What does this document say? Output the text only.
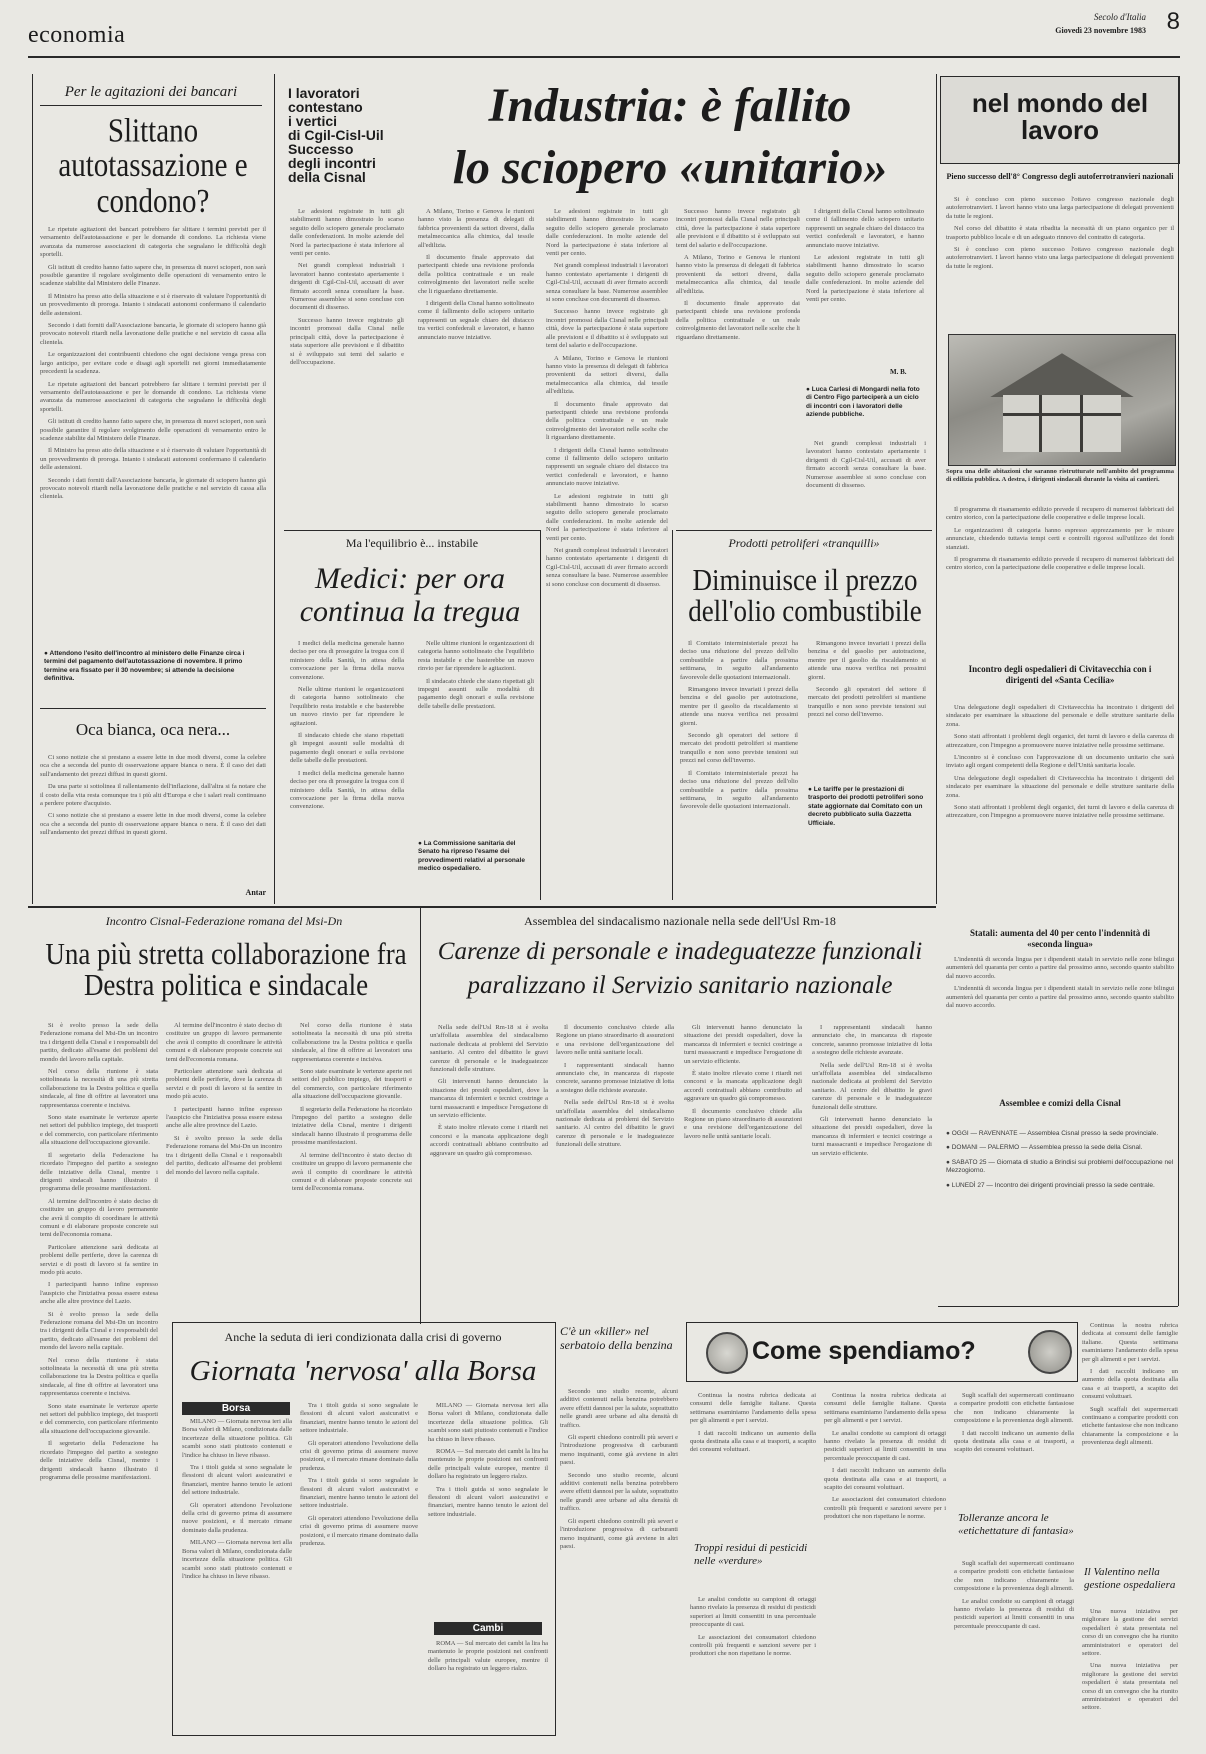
economia
Secolo d'Italia
Giovedì 23 novembre 1983 8
Per le agitazioni dei bancari
Slittano autotassazione e condono?

Le ripetute agitazioni dei bancari potrebbero far slittare i termini previsti per il versamento dell'autotassazione e per le domande di condono. La richiesta viene avanzata da numerose associazioni di categoria che segnalano le difficoltà degli sportelli.

Gli istituti di credito hanno fatto sapere che, in presenza di nuovi scioperi, non sarà possibile garantire il regolare svolgimento delle operazioni di versamento entro le scadenze stabilite dal Ministero delle Finanze.

Il Ministro ha preso atto della situazione e si è riservato di valutare l'opportunità di un provvedimento di proroga. Intanto i sindacati autonomi confermano il calendario delle astensioni.

Secondo i dati forniti dall'Associazione bancaria, le giornate di sciopero hanno già provocato notevoli ritardi nella lavorazione delle pratiche e nel servizio di cassa alla clientela.

Le organizzazioni dei contribuenti chiedono che ogni decisione venga presa con largo anticipo, per evitare code e disagi agli sportelli nei giorni immediatamente precedenti la scadenza.

Le ripetute agitazioni dei bancari potrebbero far slittare i termini previsti per il versamento dell'autotassazione e per le domande di condono. La richiesta viene avanzata da numerose associazioni di categoria che segnalano le difficoltà degli sportelli.

Gli istituti di credito hanno fatto sapere che, in presenza di nuovi scioperi, non sarà possibile garantire il regolare svolgimento delle operazioni di versamento entro le scadenze stabilite dal Ministero delle Finanze.

Il Ministro ha preso atto della situazione e si è riservato di valutare l'opportunità di un provvedimento di proroga. Intanto i sindacati autonomi confermano il calendario delle astensioni.

Secondo i dati forniti dall'Associazione bancaria, le giornate di sciopero hanno già provocato notevoli ritardi nella lavorazione delle pratiche e nel servizio di cassa alla clientela.

● Attendono l'esito dell'incontro al ministero delle Finanze circa i termini del pagamento dell'autotassazione di novembre. Il primo termine era fissato per il 30 novembre; si attende la decisione definitiva.
Oca bianca, oca nera...

Ci sono notizie che si prestano a essere lette in due modi diversi, come la celebre oca che a seconda del punto di osservazione appare bianca o nera. È il caso dei dati sull'andamento dei prezzi diffusi in questi giorni.

Da una parte si sottolinea il rallentamento dell'inflazione, dall'altra si fa notare che il costo della vita resta comunque tra i più alti d'Europa e che i salari reali continuano a perdere potere d'acquisto.

Ci sono notizie che si prestano a essere lette in due modi diversi, come la celebre oca che a seconda del punto di osservazione appare bianca o nera. È il caso dei dati sull'andamento dei prezzi diffusi in questi giorni.

Antar
I lavoratori
contestano
i vertici
di Cgil-Cisl-Uil
Successo
degli incontri
della Cisnal
Industria: è fallito
lo sciopero «unitario»

Le adesioni registrate in tutti gli stabilimenti hanno dimostrato lo scarso seguito dello sciopero generale proclamato dalle confederazioni. In molte aziende del Nord la partecipazione è stata inferiore al venti per cento.

Nei grandi complessi industriali i lavoratori hanno contestato apertamente i dirigenti di Cgil-Cisl-Uil, accusati di aver firmato accordi senza consultare la base. Numerose assemblee si sono concluse con documenti di dissenso.

Successo hanno invece registrato gli incontri promossi dalla Cisnal nelle principali città, dove la partecipazione è stata superiore alle previsioni e il dibattito si è sviluppato sui temi del salario e dell'occupazione.

A Milano, Torino e Genova le riunioni hanno visto la presenza di delegati di fabbrica provenienti da settori diversi, dalla metalmeccanica alla chimica, dal tessile all'edilizia.

Il documento finale approvato dai partecipanti chiede una revisione profonda della politica contrattuale e un reale coinvolgimento dei lavoratori nelle scelte che li riguardano direttamente.

I dirigenti della Cisnal hanno sottolineato come il fallimento dello sciopero unitario rappresenti un segnale chiaro del distacco tra vertici confederali e lavoratori, e hanno annunciato nuove iniziative.

Le adesioni registrate in tutti gli stabilimenti hanno dimostrato lo scarso seguito dello sciopero generale proclamato dalle confederazioni. In molte aziende del Nord la partecipazione è stata inferiore al venti per cento.

Nei grandi complessi industriali i lavoratori hanno contestato apertamente i dirigenti di Cgil-Cisl-Uil, accusati di aver firmato accordi senza consultare la base. Numerose assemblee si sono concluse con documenti di dissenso.

Successo hanno invece registrato gli incontri promossi dalla Cisnal nelle principali città, dove la partecipazione è stata superiore alle previsioni e il dibattito si è sviluppato sui temi del salario e dell'occupazione.

A Milano, Torino e Genova le riunioni hanno visto la presenza di delegati di fabbrica provenienti da settori diversi, dalla metalmeccanica alla chimica, dal tessile all'edilizia.

Il documento finale approvato dai partecipanti chiede una revisione profonda della politica contrattuale e un reale coinvolgimento dei lavoratori nelle scelte che li riguardano direttamente.

I dirigenti della Cisnal hanno sottolineato come il fallimento dello sciopero unitario rappresenti un segnale chiaro del distacco tra vertici confederali e lavoratori, e hanno annunciato nuove iniziative.

Le adesioni registrate in tutti gli stabilimenti hanno dimostrato lo scarso seguito dello sciopero generale proclamato dalle confederazioni. In molte aziende del Nord la partecipazione è stata inferiore al venti per cento.

Nei grandi complessi industriali i lavoratori hanno contestato apertamente i dirigenti di Cgil-Cisl-Uil, accusati di aver firmato accordi senza consultare la base. Numerose assemblee si sono concluse con documenti di dissenso.

Successo hanno invece registrato gli incontri promossi dalla Cisnal nelle principali città, dove la partecipazione è stata superiore alle previsioni e il dibattito si è sviluppato sui temi del salario e dell'occupazione.

A Milano, Torino e Genova le riunioni hanno visto la presenza di delegati di fabbrica provenienti da settori diversi, dalla metalmeccanica alla chimica, dal tessile all'edilizia.

Il documento finale approvato dai partecipanti chiede una revisione profonda della politica contrattuale e un reale coinvolgimento dei lavoratori nelle scelte che li riguardano direttamente.

I dirigenti della Cisnal hanno sottolineato come il fallimento dello sciopero unitario rappresenti un segnale chiaro del distacco tra vertici confederali e lavoratori, e hanno annunciato nuove iniziative.

Le adesioni registrate in tutti gli stabilimenti hanno dimostrato lo scarso seguito dello sciopero generale proclamato dalle confederazioni. In molte aziende del Nord la partecipazione è stata inferiore al venti per cento.

M. B.
● Luca Carlesi di Mongardi nella foto di Centro Figo parteciperà a un ciclo di incontri con i lavoratori delle aziende pubbliche.

Nei grandi complessi industriali i lavoratori hanno contestato apertamente i dirigenti di Cgil-Cisl-Uil, accusati di aver firmato accordi senza consultare la base. Numerose assemblee si sono concluse con documenti di dissenso.

Ma l'equilibrio è... instabile
Medici: per ora continua la tregua

I medici della medicina generale hanno deciso per ora di proseguire la tregua con il ministero della Sanità, in attesa della convocazione per la firma della nuova convenzione.

Nelle ultime riunioni le organizzazioni di categoria hanno sottolineato che l'equilibrio resta instabile e che basterebbe un nuovo rinvio per far riprendere le agitazioni.

Il sindacato chiede che siano rispettati gli impegni assunti sulle modalità di pagamento degli onorari e sulla revisione delle tabelle delle prestazioni.

I medici della medicina generale hanno deciso per ora di proseguire la tregua con il ministero della Sanità, in attesa della convocazione per la firma della nuova convenzione.

Nelle ultime riunioni le organizzazioni di categoria hanno sottolineato che l'equilibrio resta instabile e che basterebbe un nuovo rinvio per far riprendere le agitazioni.

Il sindacato chiede che siano rispettati gli impegni assunti sulle modalità di pagamento degli onorari e sulla revisione delle tabelle delle prestazioni.

● La Commissione sanitaria del Senato ha ripreso l'esame dei provvedimenti relativi al personale medico ospedaliero.
Prodotti petroliferi «tranquilli»
Diminuisce il prezzo dell'olio combustibile

Il Comitato interministeriale prezzi ha deciso una riduzione del prezzo dell'olio combustibile a partire dalla prossima settimana, in seguito all'andamento favorevole delle quotazioni internazionali.

Rimangono invece invariati i prezzi della benzina e del gasolio per autotrazione, mentre per il gasolio da riscaldamento si attende una nuova verifica nei prossimi giorni.

Secondo gli operatori del settore il mercato dei prodotti petroliferi si mantiene tranquillo e non sono previste tensioni sui prezzi nel corso dell'inverno.

Il Comitato interministeriale prezzi ha deciso una riduzione del prezzo dell'olio combustibile a partire dalla prossima settimana, in seguito all'andamento favorevole delle quotazioni internazionali.

Rimangono invece invariati i prezzi della benzina e del gasolio per autotrazione, mentre per il gasolio da riscaldamento si attende una nuova verifica nei prossimi giorni.

Secondo gli operatori del settore il mercato dei prodotti petroliferi si mantiene tranquillo e non sono previste tensioni sui prezzi nel corso dell'inverno.

● Le tariffe per le prestazioni di trasporto dei prodotti petroliferi sono state aggiornate dal Comitato con un decreto pubblicato sulla Gazzetta Ufficiale.
nel mondo del lavoro
Pieno successo dell'8° Congresso degli autoferrotranvieri nazionali

Si è concluso con pieno successo l'ottavo congresso nazionale degli autoferrotranvieri. I lavori hanno visto una larga partecipazione di delegati provenienti da tutte le regioni.

Nel corso del dibattito è stata ribadita la necessità di un piano organico per il trasporto pubblico locale e di un adeguato rinnovo del contratto di categoria.

Si è concluso con pieno successo l'ottavo congresso nazionale degli autoferrotranvieri. I lavori hanno visto una larga partecipazione di delegati provenienti da tutte le regioni.

Sopra una delle abitazioni che saranno ristrutturate nell'ambito del programma di edilizia pubblica. A destra, i dirigenti sindacali durante la visita ai cantieri.

Il programma di risanamento edilizio prevede il recupero di numerosi fabbricati del centro storico, con la partecipazione delle cooperative e delle imprese locali.

Le organizzazioni di categoria hanno espresso apprezzamento per le misure annunciate, chiedendo tuttavia tempi certi e controlli rigorosi sull'utilizzo dei fondi stanziati.

Il programma di risanamento edilizio prevede il recupero di numerosi fabbricati del centro storico, con la partecipazione delle cooperative e delle imprese locali.

Incontro degli ospedalieri di Civitavecchia con i dirigenti del «Santa Cecilia»

Una delegazione degli ospedalieri di Civitavecchia ha incontrato i dirigenti del sindacato per esaminare la situazione del personale e delle strutture sanitarie della zona.

Sono stati affrontati i problemi degli organici, dei turni di lavoro e della carenza di attrezzature, con l'impegno a promuovere nuove iniziative nelle prossime settimane.

L'incontro si è concluso con l'approvazione di un documento unitario che sarà inviato agli organi competenti della Regione e dell'Unità sanitaria locale.

Una delegazione degli ospedalieri di Civitavecchia ha incontrato i dirigenti del sindacato per esaminare la situazione del personale e delle strutture sanitarie della zona.

Sono stati affrontati i problemi degli organici, dei turni di lavoro e della carenza di attrezzature, con l'impegno a promuovere nuove iniziative nelle prossime settimane.

Statali: aumenta del 40 per cento l'indennità di «seconda lingua»

L'indennità di seconda lingua per i dipendenti statali in servizio nelle zone bilingui aumenterà del quaranta per cento a partire dal prossimo anno, secondo quanto stabilito dal nuovo accordo.

L'indennità di seconda lingua per i dipendenti statali in servizio nelle zone bilingui aumenterà del quaranta per cento a partire dal prossimo anno, secondo quanto stabilito dal nuovo accordo.

Assemblee e comizi della Cisnal
● OGGI — RAVENNATE — Assemblea Cisnal presso la sede provinciale.
● DOMANI — PALERMO — Assemblea presso la sede della Cisnal.
● SABATO 25 — Giornata di studio a Brindisi sui problemi dell'occupazione nel Mezzogiorno.
● LUNEDÌ 27 — Incontro dei dirigenti provinciali presso la sede centrale.
Incontro Cisnal-Federazione romana del Msi-Dn
Una più stretta collaborazione fra Destra politica e sindacale

Si è svolto presso la sede della Federazione romana del Msi-Dn un incontro tra i dirigenti della Cisnal e i responsabili del partito, dedicato all'esame dei problemi del mondo del lavoro nella capitale.

Nel corso della riunione è stata sottolineata la necessità di una più stretta collaborazione tra la Destra politica e quella sindacale, al fine di offrire ai lavoratori una rappresentanza coerente e incisiva.

Sono state esaminate le vertenze aperte nei settori del pubblico impiego, dei trasporti e del commercio, con particolare riferimento alla situazione dell'occupazione giovanile.

Il segretario della Federazione ha ricordato l'impegno del partito a sostegno delle iniziative della Cisnal, mentre i dirigenti sindacali hanno illustrato il programma delle prossime manifestazioni.

Al termine dell'incontro è stato deciso di costituire un gruppo di lavoro permanente che avrà il compito di coordinare le attività comuni e di elaborare proposte concrete sui temi dell'economia romana.

Particolare attenzione sarà dedicata ai problemi delle periferie, dove la carenza di servizi e di posti di lavoro si fa sentire in modo più acuto.

I partecipanti hanno infine espresso l'auspicio che l'iniziativa possa essere estesa anche alle altre province del Lazio.

Si è svolto presso la sede della Federazione romana del Msi-Dn un incontro tra i dirigenti della Cisnal e i responsabili del partito, dedicato all'esame dei problemi del mondo del lavoro nella capitale.

Nel corso della riunione è stata sottolineata la necessità di una più stretta collaborazione tra la Destra politica e quella sindacale, al fine di offrire ai lavoratori una rappresentanza coerente e incisiva.

Sono state esaminate le vertenze aperte nei settori del pubblico impiego, dei trasporti e del commercio, con particolare riferimento alla situazione dell'occupazione giovanile.

Il segretario della Federazione ha ricordato l'impegno del partito a sostegno delle iniziative della Cisnal, mentre i dirigenti sindacali hanno illustrato il programma delle prossime manifestazioni.

Al termine dell'incontro è stato deciso di costituire un gruppo di lavoro permanente che avrà il compito di coordinare le attività comuni e di elaborare proposte concrete sui temi dell'economia romana.

Particolare attenzione sarà dedicata ai problemi delle periferie, dove la carenza di servizi e di posti di lavoro si fa sentire in modo più acuto.

I partecipanti hanno infine espresso l'auspicio che l'iniziativa possa essere estesa anche alle altre province del Lazio.

Si è svolto presso la sede della Federazione romana del Msi-Dn un incontro tra i dirigenti della Cisnal e i responsabili del partito, dedicato all'esame dei problemi del mondo del lavoro nella capitale.

Nel corso della riunione è stata sottolineata la necessità di una più stretta collaborazione tra la Destra politica e quella sindacale, al fine di offrire ai lavoratori una rappresentanza coerente e incisiva.

Sono state esaminate le vertenze aperte nei settori del pubblico impiego, dei trasporti e del commercio, con particolare riferimento alla situazione dell'occupazione giovanile.

Il segretario della Federazione ha ricordato l'impegno del partito a sostegno delle iniziative della Cisnal, mentre i dirigenti sindacali hanno illustrato il programma delle prossime manifestazioni.

Al termine dell'incontro è stato deciso di costituire un gruppo di lavoro permanente che avrà il compito di coordinare le attività comuni e di elaborare proposte concrete sui temi dell'economia romana.

Assemblea del sindacalismo nazionale nella sede dell'Usl Rm-18
Carenze di personale e inadeguatezze funzionali
paralizzano il Servizio sanitario nazionale

Nella sede dell'Usl Rm-18 si è svolta un'affollata assemblea del sindacalismo nazionale dedicata ai problemi del Servizio sanitario. Al centro del dibattito le gravi carenze di personale e le inadeguatezze funzionali delle strutture.

Gli intervenuti hanno denunciato la situazione dei presidi ospedalieri, dove la mancanza di infermieri e tecnici costringe a turni massacranti e impedisce l'erogazione di un servizio efficiente.

È stato inoltre rilevato come i ritardi nei concorsi e la mancata applicazione degli accordi contrattuali abbiano contribuito ad aggravare un quadro già compromesso.

Il documento conclusivo chiede alla Regione un piano straordinario di assunzioni e una revisione dell'organizzazione del lavoro nelle unità sanitarie locali.

I rappresentanti sindacali hanno annunciato che, in mancanza di risposte concrete, saranno promosse iniziative di lotta a sostegno delle richieste avanzate.

Nella sede dell'Usl Rm-18 si è svolta un'affollata assemblea del sindacalismo nazionale dedicata ai problemi del Servizio sanitario. Al centro del dibattito le gravi carenze di personale e le inadeguatezze funzionali delle strutture.

Gli intervenuti hanno denunciato la situazione dei presidi ospedalieri, dove la mancanza di infermieri e tecnici costringe a turni massacranti e impedisce l'erogazione di un servizio efficiente.

È stato inoltre rilevato come i ritardi nei concorsi e la mancata applicazione degli accordi contrattuali abbiano contribuito ad aggravare un quadro già compromesso.

Il documento conclusivo chiede alla Regione un piano straordinario di assunzioni e una revisione dell'organizzazione del lavoro nelle unità sanitarie locali.

I rappresentanti sindacali hanno annunciato che, in mancanza di risposte concrete, saranno promosse iniziative di lotta a sostegno delle richieste avanzate.

Nella sede dell'Usl Rm-18 si è svolta un'affollata assemblea del sindacalismo nazionale dedicata ai problemi del Servizio sanitario. Al centro del dibattito le gravi carenze di personale e le inadeguatezze funzionali delle strutture.

Gli intervenuti hanno denunciato la situazione dei presidi ospedalieri, dove la mancanza di infermieri e tecnici costringe a turni massacranti e impedisce l'erogazione di un servizio efficiente.

Anche la seduta di ieri condizionata dalla crisi di governo
Giornata 'nervosa' alla Borsa
Borsa

MILANO — Giornata nervosa ieri alla Borsa valori di Milano, condizionata dalle incertezze della situazione politica. Gli scambi sono stati piuttosto contenuti e l'indice ha chiuso in lieve ribasso.

Tra i titoli guida si sono segnalate le flessioni di alcuni valori assicurativi e finanziari, mentre hanno tenuto le azioni del settore industriale.

Gli operatori attendono l'evoluzione della crisi di governo prima di assumere nuove posizioni, e il mercato rimane dominato dalla prudenza.

MILANO — Giornata nervosa ieri alla Borsa valori di Milano, condizionata dalle incertezze della situazione politica. Gli scambi sono stati piuttosto contenuti e l'indice ha chiuso in lieve ribasso.

Tra i titoli guida si sono segnalate le flessioni di alcuni valori assicurativi e finanziari, mentre hanno tenuto le azioni del settore industriale.

Gli operatori attendono l'evoluzione della crisi di governo prima di assumere nuove posizioni, e il mercato rimane dominato dalla prudenza.

Tra i titoli guida si sono segnalate le flessioni di alcuni valori assicurativi e finanziari, mentre hanno tenuto le azioni del settore industriale.

Gli operatori attendono l'evoluzione della crisi di governo prima di assumere nuove posizioni, e il mercato rimane dominato dalla prudenza.

MILANO — Giornata nervosa ieri alla Borsa valori di Milano, condizionata dalle incertezze della situazione politica. Gli scambi sono stati piuttosto contenuti e l'indice ha chiuso in lieve ribasso.

ROMA — Sul mercato dei cambi la lira ha mantenuto le proprie posizioni nei confronti delle principali valute europee, mentre il dollaro ha registrato un leggero rialzo.

Tra i titoli guida si sono segnalate le flessioni di alcuni valori assicurativi e finanziari, mentre hanno tenuto le azioni del settore industriale.

Cambi

ROMA — Sul mercato dei cambi la lira ha mantenuto le proprie posizioni nei confronti delle principali valute europee, mentre il dollaro ha registrato un leggero rialzo.

C'è un «killer» nel serbatoio della benzina

Secondo uno studio recente, alcuni additivi contenuti nella benzina potrebbero avere effetti dannosi per la salute, soprattutto nelle grandi aree urbane ad alta densità di traffico.

Gli esperti chiedono controlli più severi e l'introduzione progressiva di carburanti meno inquinanti, come già avviene in altri paesi.

Secondo uno studio recente, alcuni additivi contenuti nella benzina potrebbero avere effetti dannosi per la salute, soprattutto nelle grandi aree urbane ad alta densità di traffico.

Gli esperti chiedono controlli più severi e l'introduzione progressiva di carburanti meno inquinanti, come già avviene in altri paesi.

Come spendiamo?

Continua la nostra rubrica dedicata ai consumi delle famiglie italiane. Questa settimana esaminiamo l'andamento della spesa per gli alimenti e per i servizi.

I dati raccolti indicano un aumento della quota destinata alla casa e ai trasporti, a scapito dei consumi voluttuari.

Troppi residui di pesticidi nelle «verdure»

Le analisi condotte su campioni di ortaggi hanno rivelato la presenza di residui di pesticidi superiori ai limiti consentiti in una percentuale preoccupante di casi.

Le associazioni dei consumatori chiedono controlli più frequenti e sanzioni severe per i produttori che non rispettano le norme.

Continua la nostra rubrica dedicata ai consumi delle famiglie italiane. Questa settimana esaminiamo l'andamento della spesa per gli alimenti e per i servizi.

Le analisi condotte su campioni di ortaggi hanno rivelato la presenza di residui di pesticidi superiori ai limiti consentiti in una percentuale preoccupante di casi.

I dati raccolti indicano un aumento della quota destinata alla casa e ai trasporti, a scapito dei consumi voluttuari.

Le associazioni dei consumatori chiedono controlli più frequenti e sanzioni severe per i produttori che non rispettano le norme.

Sugli scaffali dei supermercati continuano a comparire prodotti con etichette fantasiose che non indicano chiaramente la composizione e la provenienza degli alimenti.

I dati raccolti indicano un aumento della quota destinata alla casa e ai trasporti, a scapito dei consumi voluttuari.

Tolleranze ancora le «etichettature di fantasia»

Sugli scaffali dei supermercati continuano a comparire prodotti con etichette fantasiose che non indicano chiaramente la composizione e la provenienza degli alimenti.

Le analisi condotte su campioni di ortaggi hanno rivelato la presenza di residui di pesticidi superiori ai limiti consentiti in una percentuale preoccupante di casi.

Continua la nostra rubrica dedicata ai consumi delle famiglie italiane. Questa settimana esaminiamo l'andamento della spesa per gli alimenti e per i servizi.

I dati raccolti indicano un aumento della quota destinata alla casa e ai trasporti, a scapito dei consumi voluttuari.

Sugli scaffali dei supermercati continuano a comparire prodotti con etichette fantasiose che non indicano chiaramente la composizione e la provenienza degli alimenti.

Il Valentino nella gestione ospedaliera

Una nuova iniziativa per migliorare la gestione dei servizi ospedalieri è stata presentata nel corso di un convegno che ha riunito amministratori e operatori del settore.

Una nuova iniziativa per migliorare la gestione dei servizi ospedalieri è stata presentata nel corso di un convegno che ha riunito amministratori e operatori del settore.
